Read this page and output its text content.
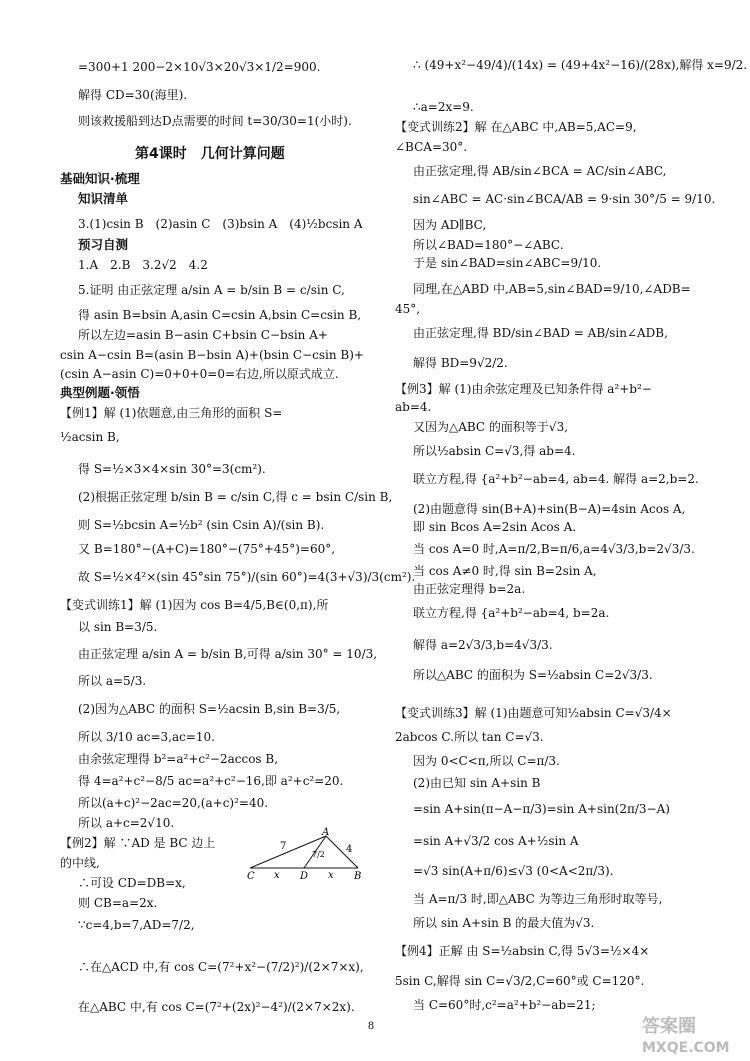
=300+1 200−2×10√3×20√3×1/2=900.
解得 CD=30(海里).
则该救援船到达D点需要的时间 t=30/30=1(小时).
第4课时　几何计算问题
基础知识·梳理
知识清单
3.(1)csin B　(2)asin C　(3)bsin A　(4)½bcsin A
预习自测
1.A　2.B　3.2√2　4.2
5.证明 由正弦定理 a/sin A = b/sin B = c/sin C,
得 asin B=bsin A,asin C=csin A,bsin C=csin B,
所以左边=asin B−asin C+bsin C−bsin A+
csin A−csin B=(asin B−bsin A)+(bsin C−csin B)+
(csin A−asin C)=0+0+0=0=右边,所以原式成立.
典型例题·领悟
【例1】解 (1)依题意,由三角形的面积 S=
½acsin B,
得 S=½×3×4×sin 30°=3(cm²).
(2)根据正弦定理 b/sin B = c/sin C,得 c = bsin C/sin B,
则 S=½bcsin A=½b² (sin Csin A)/(sin B).
又 B=180°−(A+C)=180°−(75°+45°)=60°,
故 S=½×4²×(sin 45°sin 75°)/(sin 60°)=4(3+√3)/3(cm²).
【变式训练1】解 (1)因为 cos B=4/5,B∈(0,π),所
以 sin B=3/5.
由正弦定理 a/sin A = b/sin B,可得 a/sin 30° = 10/3,
所以 a=5/3.
(2)因为△ABC 的面积 S=½acsin B,sin B=3/5,
所以 3/10 ac=3,ac=10.
由余弦定理得 b²=a²+c²−2accos B,
得 4=a²+c²−8/5 ac=a²+c²−16,即 a²+c²=20.
所以(a+c)²−2ac=20,(a+c)²=40.
所以 a+c=2√10.
【例2】解 ∵AD 是 BC 边上
的中线,
∴可设 CD=DB=x,
则 CB=a=2x.
∵c=4,b=7,AD=7/2,
∴在△ACD 中,有 cos C=(7²+x²−(7/2)²)/(2×7×x),
在△ABC 中,有 cos C=(7²+(2x)²−4²)/(2×7×2x).
A
7
7/2 4
C x D x B
∴ (49+x²−49/4)/(14x) = (49+4x²−16)/(28x),解得 x=9/2.
∴a=2x=9.
【变式训练2】解 在△ABC 中,AB=5,AC=9,
∠BCA=30°.
由正弦定理,得 AB/sin∠BCA = AC/sin∠ABC,
sin∠ABC = AC·sin∠BCA/AB = 9·sin 30°/5 = 9/10.
因为 AD∥BC,
所以∠BAD=180°−∠ABC.
于是 sin∠BAD=sin∠ABC=9/10.
同理,在△ABD 中,AB=5,sin∠BAD=9/10,∠ADB=
45°,
由正弦定理,得 BD/sin∠BAD = AB/sin∠ADB,
解得 BD=9√2/2.
【例3】解 (1)由余弦定理及已知条件得 a²+b²−
ab=4.
又因为△ABC 的面积等于√3,
所以½absin C=√3,得 ab=4.
联立方程,得 {a²+b²−ab=4, ab=4. 解得 a=2,b=2.
(2)由题意得 sin(B+A)+sin(B−A)=4sin Acos A,
即 sin Bcos A=2sin Acos A.
当 cos A=0 时,A=π/2,B=π/6,a=4√3/3,b=2√3/3.
当 cos A≠0 时,得 sin B=2sin A,
由正弦定理得 b=2a.
联立方程,得 {a²+b²−ab=4, b=2a.
解得 a=2√3/3,b=4√3/3.
所以△ABC 的面积为 S=½absin C=2√3/3.
【变式训练3】解 (1)由题意可知½absin C=√3/4×
2abcos C.所以 tan C=√3.
因为 0<C<π,所以 C=π/3.
(2)由已知 sin A+sin B
=sin A+sin(π−A−π/3)=sin A+sin(2π/3−A)
=sin A+√3/2 cos A+½sin A
=√3 sin(A+π/6)≤√3 (0<A<2π/3).
当 A=π/3 时,即△ABC 为等边三角形时取等号,
所以 sin A+sin B 的最大值为√3.
【例4】正解 由 S=½absin C,得 5√3=½×4×
5sin C,解得 sin C=√3/2,C=60°或 C=120°.
当 C=60°时,c²=a²+b²−ab=21;
8	答案圈
MXQE.COM
